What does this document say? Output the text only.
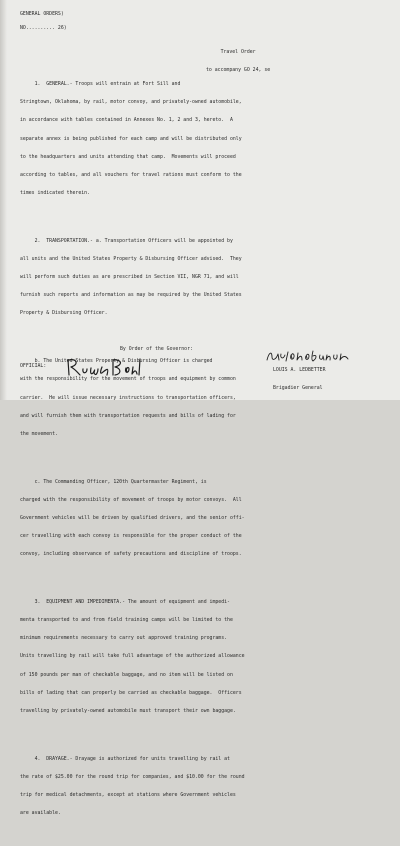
GENERAL ORDERS)
NO.......... 26)

Travel Order

to accompany GO 24, se

1.  GENERAL.- Troops will entrain at Fort Sill and

Stringtown, Oklahoma, by rail, motor convoy, and privately-owned automobile,

in accordance with tables contained in Annexes No. 1, 2 and 3, hereto.  A

separate annex is being published for each camp and will be distributed only

to the headquarters and units attending that camp.  Movements will proceed

according to tables, and all vouchers for travel rations must conform to the

times indicated therein.

2.  TRANSPORTATION.- a. Transportation Officers will be appointed by

all units and the United States Property & Disbursing Officer advised.  They

will perform such duties as are prescribed in Section VII, NGR 71, and will

furnish such reports and information as may be required by the United States

Property & Disbursing Officer.

b. The United States Property & Disbursing Officer is charged

with the responsibility for the movement of troops and equipment by common

carrier.  He will issue necessary instructions to transportation officers,

and will furnish them with transportation requests and bills of lading for

the movement.

c. The Commanding Officer, 120th Quartermaster Regiment, is

charged with the responsibility of movement of troops by motor convoys.  All

Government vehicles will be driven by qualified drivers, and the senior offi-

cer travelling with each convoy is responsible for the proper conduct of the

convoy, including observance of safety precautions and discipline of troops.

3.  EQUIPMENT AND IMPEDIMENTA.- The amount of equipment and impedi-

menta transported to and from field training camps will be limited to the

minimum requirements necessary to carry out approved training programs.

Units travelling by rail will take full advantage of the authorized allowance

of 150 pounds per man of checkable baggage, and no item will be listed on

bills of lading that can properly be carried as checkable baggage.  Officers

travelling by privately-owned automobile must transport their own baggage.

4.  DRAYAGE.- Drayage is authorized for units travelling by rail at

the rate of $25.00 for the round trip for companies, and $10.00 for the round

trip for medical detachments, except at stations where Government vehicles

are available.

By Order of the Governor:

LOUIS A. LEDBETTER

Brigadier General

OFFICIAL:
